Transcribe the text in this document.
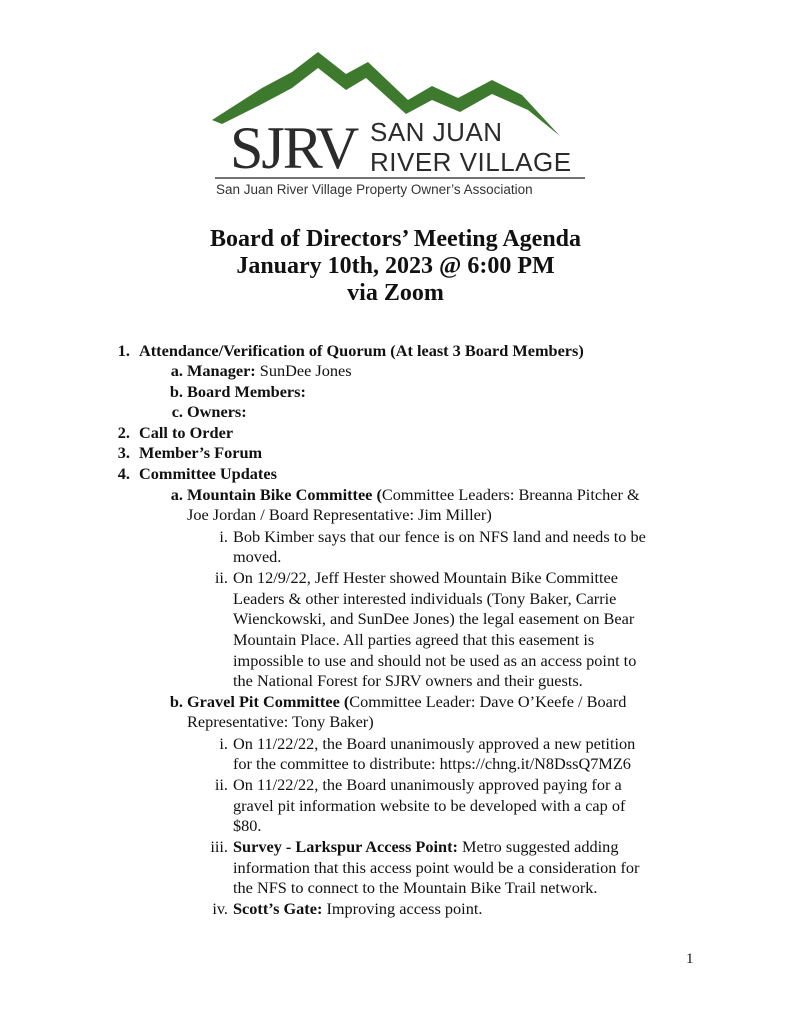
SJRV SAN JUAN
RIVER VILLAGE
San Juan River Village Property Owner’s Association
Board of Directors’ Meeting Agenda
January 10th, 2023 @ 6:00 PM
via Zoom
1. Attendance/Verification of Quorum (At least 3 Board Members)
a. Manager: SunDee Jones
b. Board Members:
c. Owners:
2. Call to Order
3. Member’s Forum
4. Committee Updates
a. Mountain Bike Committee (Committee Leaders: Breanna Pitcher &
Joe Jordan / Board Representative: Jim Miller)
i. Bob Kimber says that our fence is on NFS land and needs to be
moved.
ii. On 12/9/22, Jeff Hester showed Mountain Bike Committee
Leaders & other interested individuals (Tony Baker, Carrie
Wienckowski, and SunDee Jones) the legal easement on Bear
Mountain Place. All parties agreed that this easement is
impossible to use and should not be used as an access point to
the National Forest for SJRV owners and their guests.
b. Gravel Pit Committee (Committee Leader: Dave O’Keefe / Board
Representative: Tony Baker)
i. On 11/22/22, the Board unanimously approved a new petition
for the committee to distribute: https://chng.it/N8DssQ7MZ6
ii. On 11/22/22, the Board unanimously approved paying for a
gravel pit information website to be developed with a cap of
$80.
iii. Survey - Larkspur Access Point: Metro suggested adding
information that this access point would be a consideration for
the NFS to connect to the Mountain Bike Trail network.
iv. Scott’s Gate: Improving access point.
1
